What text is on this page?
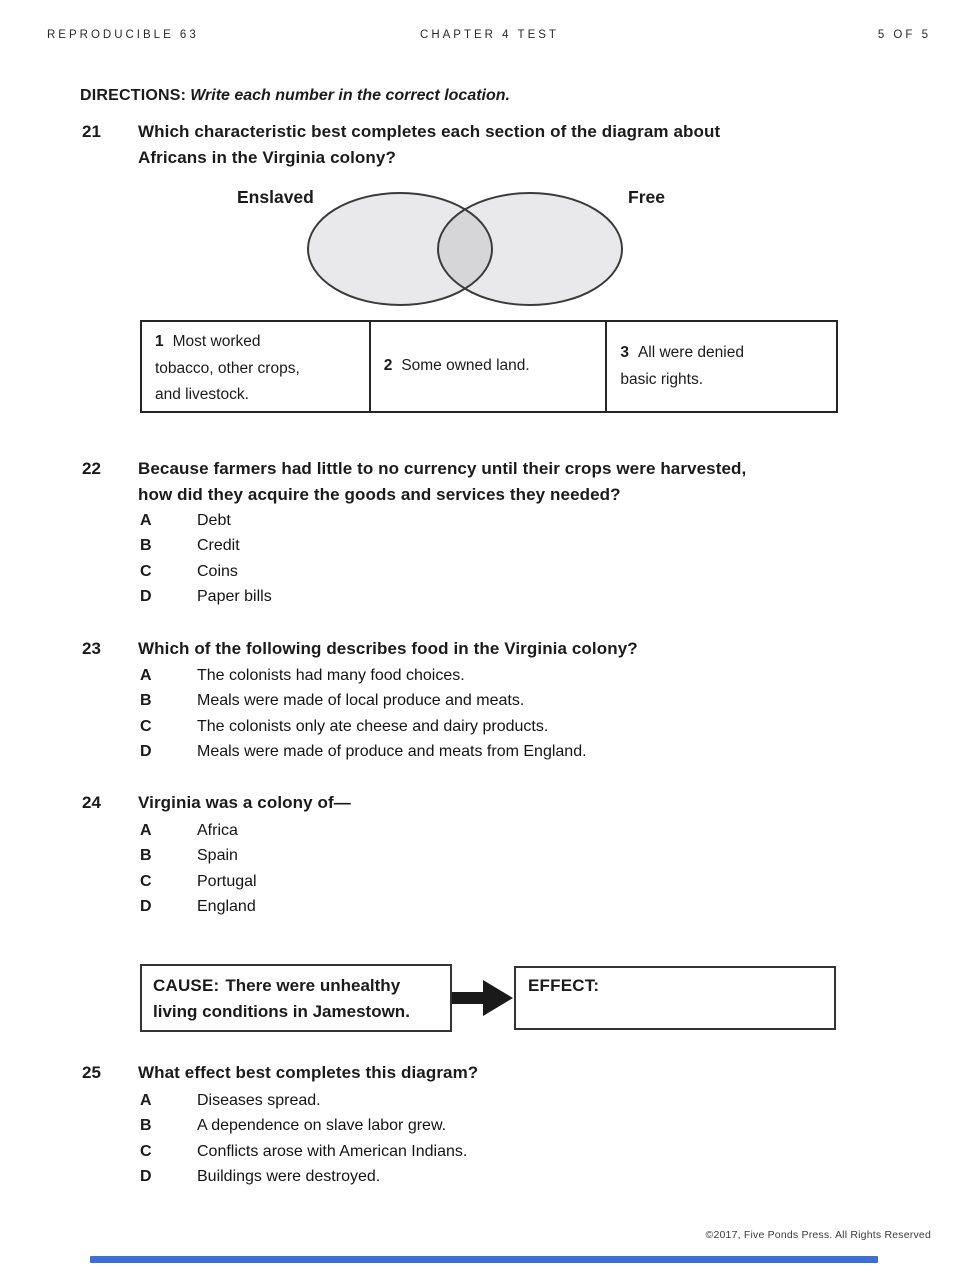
REPRODUCIBLE 63	CHAPTER 4 TEST	5 OF 5
DIRECTIONS: Write each number in the correct location.
21 Which characteristic best completes each section of the diagram about
Africans in the Virginia colony?
Enslaved	Free
1 Most worked
tobacco, other crops,
and livestock.
2 Some owned land.
3 All were denied
basic rights.
22 Because farmers had little to no currency until their crops were harvested,
how did they acquire the goods and services they needed?
A	Debt
B	Credit
C	Coins
D	Paper bills
23 Which of the following describes food in the Virginia colony?
A	The colonists had many food choices.
B	Meals were made of local produce and meats.
C	The colonists only ate cheese and dairy products.
D	Meals were made of produce and meats from England.
24 Virginia was a colony of—
A	Africa
B	Spain
C	Portugal
D	England
CAUSE: There were unhealthy
living conditions in Jamestown.
EFFECT:
25 What effect best completes this diagram?
A	Diseases spread.
B	A dependence on slave labor grew.
C	Conflicts arose with American Indians.
D	Buildings were destroyed.
©2017, Five Ponds Press. All Rights Reserved
